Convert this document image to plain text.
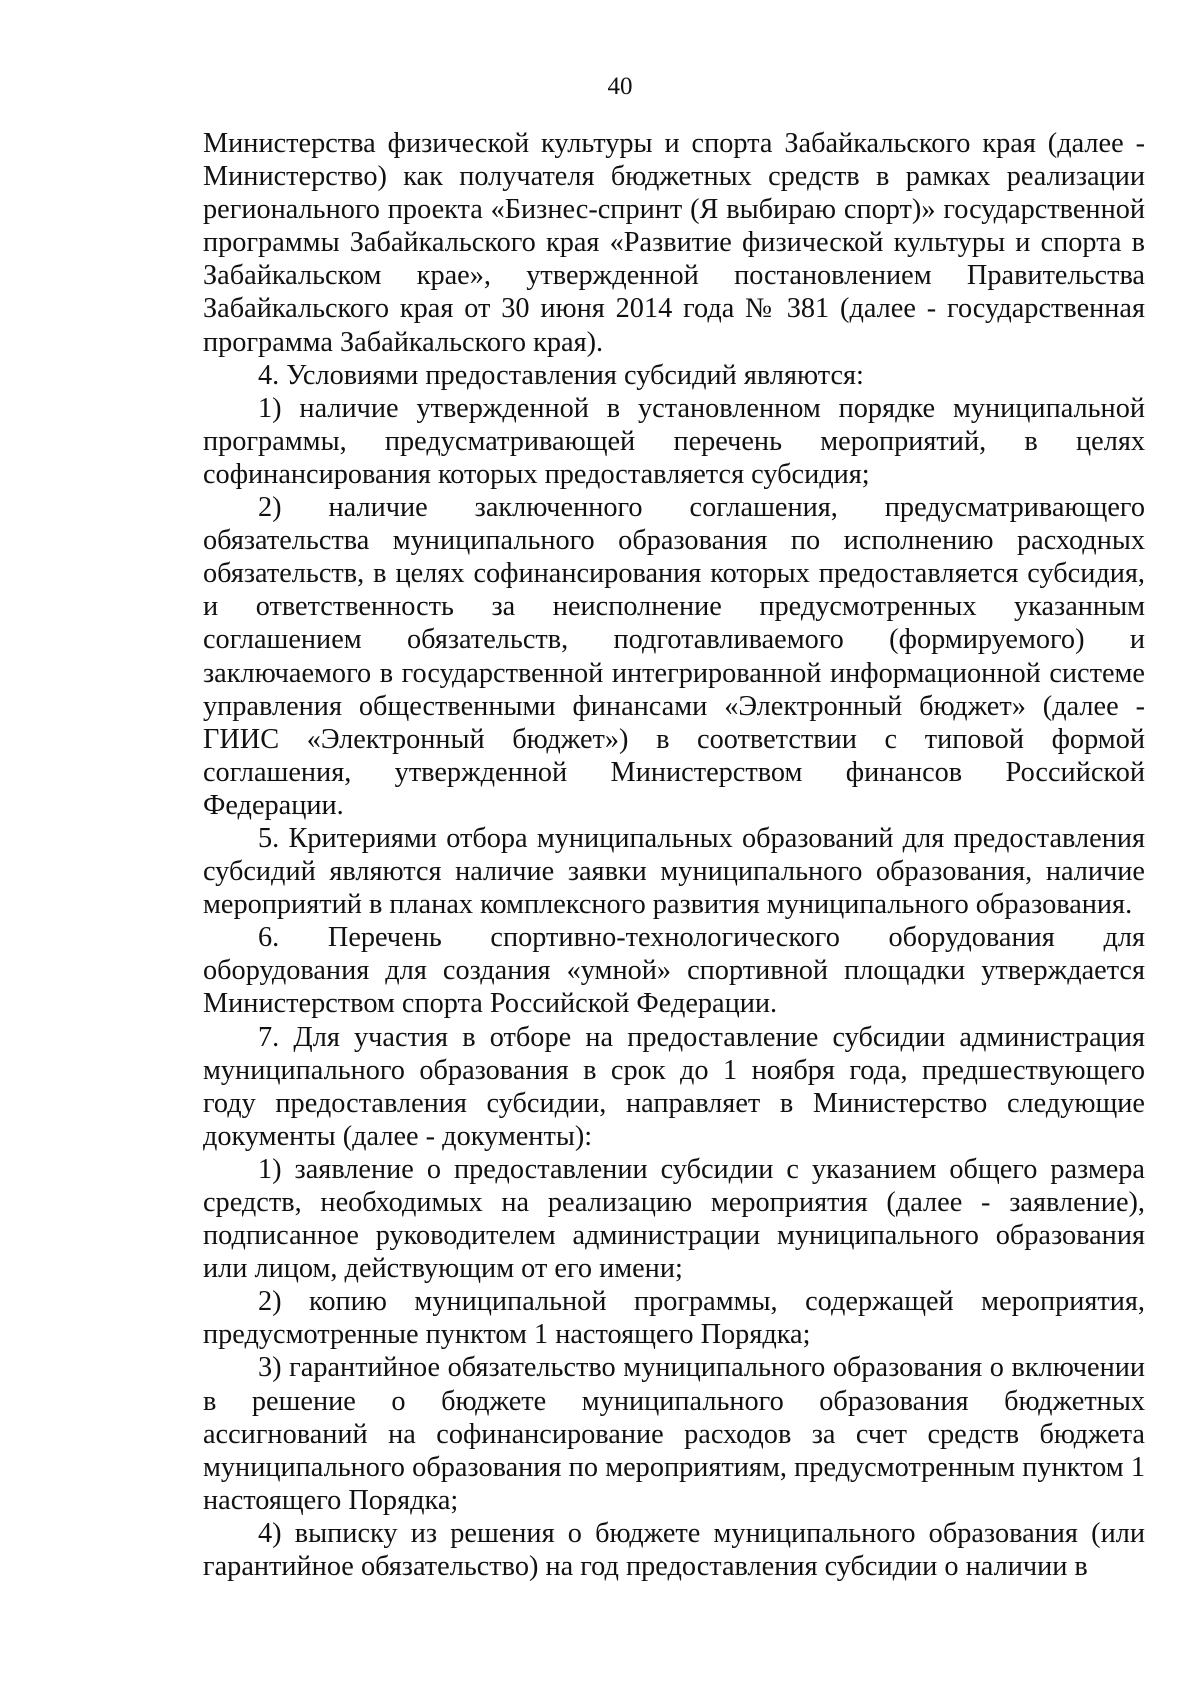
40

Министерства физической культуры и спорта Забайкальского края (далее - Министерство) как получателя бюджетных средств в рамках реализации регионального проекта «Бизнес-спринт (Я выбираю спорт)» государственной программы Забайкальского края «Развитие физической культуры и спорта в Забайкальском крае», утвержденной постановлением Правительства Забайкальского края от 30 июня 2014 года № 381 (далее - государственная программа Забайкальского края).

4. Условиями предоставления субсидий являются:

1) наличие утвержденной в установленном порядке муниципальной программы, предусматривающей перечень мероприятий, в целях софинансирования которых предоставляется субсидия;

2) наличие заключенного соглашения, предусматривающего обязательства муниципального образования по исполнению расходных обязательств, в целях софинансирования которых предоставляется субсидия, и ответственность за неисполнение предусмотренных указанным соглашением обязательств, подготавливаемого (формируемого) и заключаемого в государственной интегрированной информационной системе управления общественными финансами «Электронный бюджет» (далее - ГИИС «Электронный бюджет») в соответствии с типовой формой соглашения, утвержденной Министерством финансов Российской Федерации.

5. Критериями отбора муниципальных образований для предоставления субсидий являются наличие заявки муниципального образования, наличие мероприятий в планах комплексного развития муниципального образования.

6. Перечень спортивно-технологического оборудования для оборудования для создания «умной» спортивной площадки утверждается Министерством спорта Российской Федерации.

7. Для участия в отборе на предоставление субсидии администрация муниципального образования в срок до 1 ноября года, предшествующего году предоставления субсидии, направляет в Министерство следующие документы (далее - документы):

1) заявление о предоставлении субсидии с указанием общего размера средств, необходимых на реализацию мероприятия (далее - заявление), подписанное руководителем администрации муниципального образования или лицом, действующим от его имени;

2) копию муниципальной программы, содержащей мероприятия, предусмотренные пунктом 1 настоящего Порядка;

3) гарантийное обязательство муниципального образования о включении в решение о бюджете муниципального образования бюджетных ассигнований на софинансирование расходов за счет средств бюджета муниципального образования по мероприятиям, предусмотренным пунктом 1 настоящего Порядка;

4) выписку из решения о бюджете муниципального образования (или гарантийное обязательство) на год предоставления субсидии о наличии в
